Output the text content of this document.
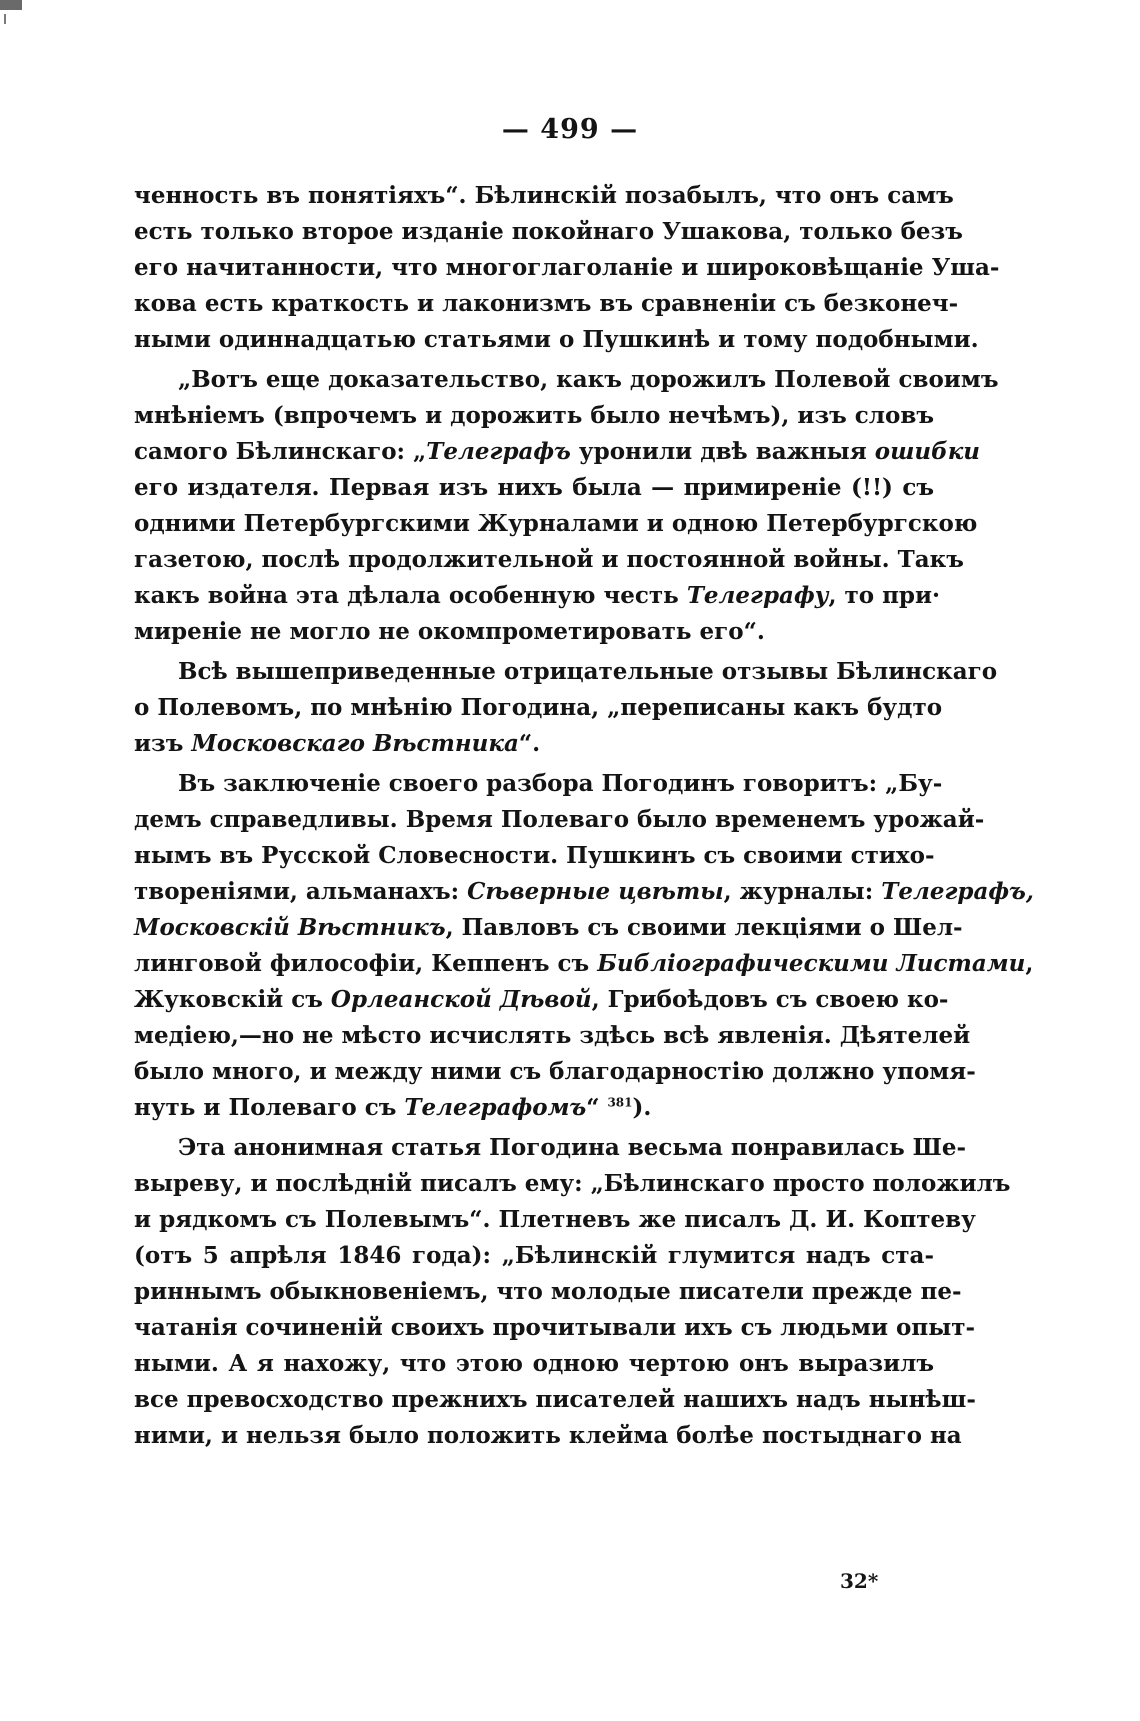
— 499 —
ченность въ понятіяхъ“. Бѣлинскій позабылъ, что онъ самъ
есть только второе изданіе покойнаго Ушакова, только безъ
его начитанности, что многоглаголаніе и широковѣщаніе Уша-
кова есть краткость и лаконизмъ въ сравненіи съ безконеч-
ными одиннадцатью статьями о Пушкинѣ и тому подобными.
„Вотъ еще доказательство, какъ дорожилъ Полевой своимъ
мнѣніемъ (впрочемъ и дорожить было нечѣмъ), изъ словъ
самого Бѣлинскаго: „Телеграфъ уронили двѣ важныя ошибки
его издателя. Первая изъ нихъ была — примиреніе (!!) съ
одними Петербургскими Журналами и одною Петербургскою
газетою, послѣ продолжительной и постоянной войны. Такъ
какъ война эта дѣлала особенную честь Телеграфу, то при·
миреніе не могло не окомпрометировать его“.
Всѣ вышеприведенные отрицательные отзывы Бѣлинскаго
о Полевомъ, по мнѣнію Погодина, „переписаны какъ будто
изъ Московскаго Вѣстника“.
Въ заключеніе своего разбора Погодинъ говоритъ: „Бу-
демъ справедливы. Время Полеваго было временемъ урожай-
нымъ въ Русской Словесности. Пушкинъ съ своими стихо-
твореніями, альманахъ: Сѣверные цвѣты, журналы: Телеграфъ,
Московскій Вѣстникъ, Павловъ съ своими лекціями о Шел-
линговой философіи, Кеппенъ съ Библіографическими Листами,
Жуковскій съ Орлеанской Дѣвой, Грибоѣдовъ съ своею ко-
медіею,—но не мѣсто исчислять здѣсь всѣ явленія. Дѣятелей
было много, и между ними съ благодарностію должно упомя-
нуть и Полеваго съ Телеграфомъ“ $^{381}$).
Эта анонимная статья Погодина весьма понравилась Ше-
выреву, и послѣдній писалъ ему: „Бѣлинскаго просто положилъ
и рядкомъ съ Полевымъ“. Плетневъ же писалъ Д. И. Коптеву
(отъ 5 апрѣля 1846 года): „Бѣлинскій глумится надъ ста-
риннымъ обыкновеніемъ, что молодые писатели прежде пе-
чатанія сочиненій своихъ прочитывали ихъ съ людьми опыт-
ными. А я нахожу, что этою одною чертою онъ выразилъ
все превосходство прежнихъ писателей нашихъ надъ нынѣш-
ними, и нельзя было положить клейма болѣе постыднаго на
32*
